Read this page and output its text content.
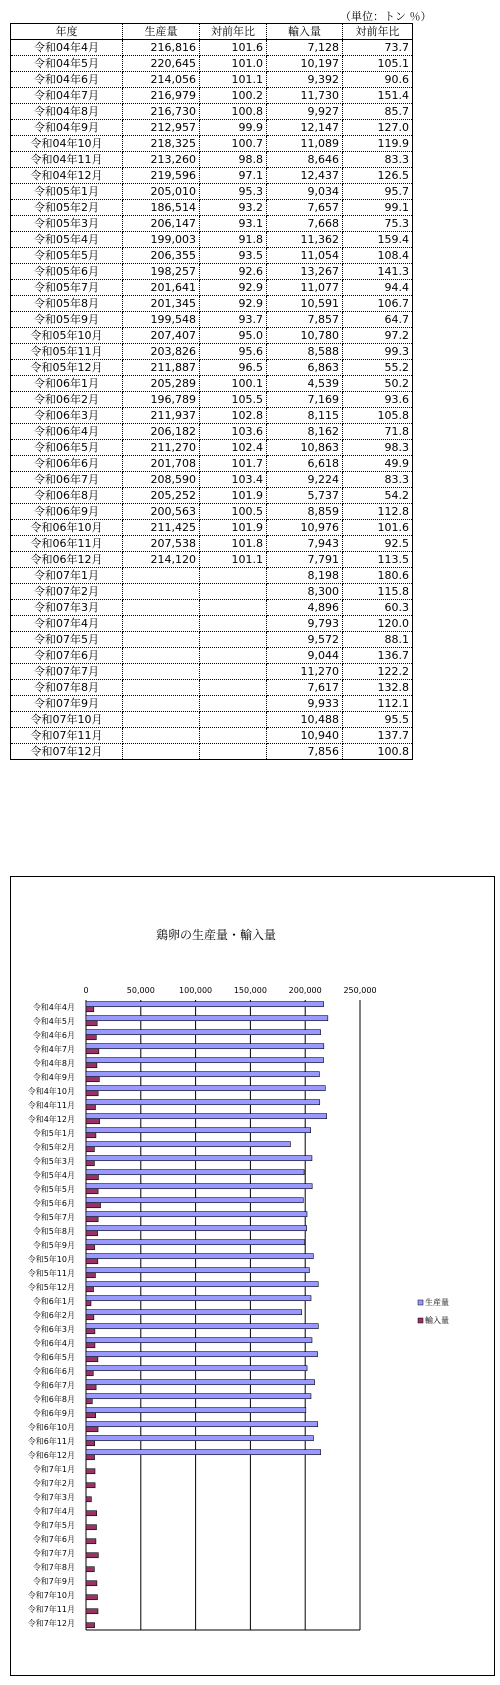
（単位：トン ％）
年度	生産量	対前年比	輸入量	対前年比
令和04年4月	216,816	101.6	7,128	73.7
令和04年5月	220,645	101.0	10,197	105.1
令和04年6月	214,056	101.1	9,392	90.6
令和04年7月	216,979	100.2	11,730	151.4
令和04年8月	216,730	100.8	9,927	85.7
令和04年9月	212,957	99.9	12,147	127.0
令和04年10月	218,325	100.7	11,089	119.9
令和04年11月	213,260	98.8	8,646	83.3
令和04年12月	219,596	97.1	12,437	126.5
令和05年1月	205,010	95.3	9,034	95.7
令和05年2月	186,514	93.2	7,657	99.1
令和05年3月	206,147	93.1	7,668	75.3
令和05年4月	199,003	91.8	11,362	159.4
令和05年5月	206,355	93.5	11,054	108.4
令和05年6月	198,257	92.6	13,267	141.3
令和05年7月	201,641	92.9	11,077	94.4
令和05年8月	201,345	92.9	10,591	106.7
令和05年9月	199,548	93.7	7,857	64.7
令和05年10月	207,407	95.0	10,780	97.2
令和05年11月	203,826	95.6	8,588	99.3
令和05年12月	211,887	96.5	6,863	55.2
令和06年1月	205,289	100.1	4,539	50.2
令和06年2月	196,789	105.5	7,169	93.6
令和06年3月	211,937	102.8	8,115	105.8
令和06年4月	206,182	103.6	8,162	71.8
令和06年5月	211,270	102.4	10,863	98.3
令和06年6月	201,708	101.7	6,618	49.9
令和06年7月	208,590	103.4	9,224	83.3
令和06年8月	205,252	101.9	5,737	54.2
令和06年9月	200,563	100.5	8,859	112.8
令和06年10月	211,425	101.9	10,976	101.6
令和06年11月	207,538	101.8	7,943	92.5
令和06年12月	214,120	101.1	7,791	113.5
令和07年1月			8,198	180.6
令和07年2月			8,300	115.8
令和07年3月			4,896	60.3
令和07年4月			9,793	120.0
令和07年5月			9,572	88.1
令和07年6月			9,044	136.7
令和07年7月			11,270	122.2
令和07年8月			7,617	132.8
令和07年9月			9,933	112.1
令和07年10月			10,488	95.5
令和07年11月			10,940	137.7
令和07年12月			7,856	100.8
鶏卵の生産量・輸入量
0	50,000	100,000	150,000	200,000	250,000
令和4年4月
令和4年5月
令和4年6月
令和4年7月
令和4年8月
令和4年9月
令和4年10月
令和4年11月
令和4年12月
令和5年1月
令和5年2月
令和5年3月
令和5年4月
令和5年5月
令和5年6月
令和5年7月
令和5年8月
令和5年9月
令和5年10月
令和5年11月
令和5年12月
令和6年1月
令和6年2月
令和6年3月
令和6年4月
令和6年5月
令和6年6月
令和6年7月
令和6年8月
令和6年9月
令和6年10月
令和6年11月
令和6年12月
令和7年1月
令和7年2月
令和7年3月
令和7年4月
令和7年5月
令和7年6月
令和7年7月
令和7年8月
令和7年9月
令和7年10月
令和7年11月
令和7年12月
生産量
輸入量
